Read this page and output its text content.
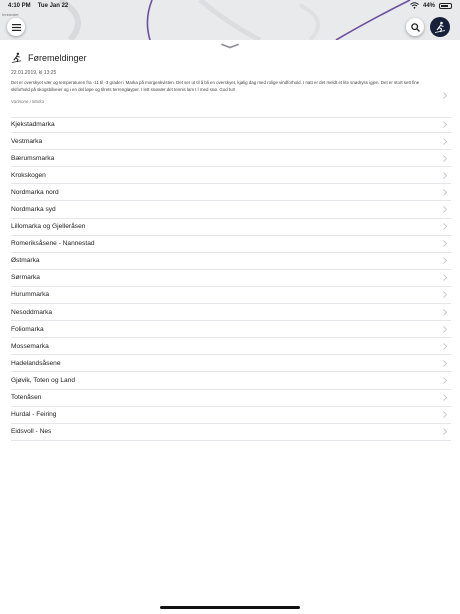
4:10 PM Tue Jan 22	44%
Innlandet
Føremeldinger
22.01.2019, kl 13:25
Det er overskyet vær og temperaturen fra -11 til -3 grader i Marka på morgenkvisten. Det ser ut til å bli en overskyet, kjølig dag med rolige vindforhold. I natt er det meldt et lite snødryss igjen. Det er stort sett fine skiforhold på skogsbilveier og i en del løpe og tilrets terrengløyper. I lett snøvær det tennis lam t l med snø. God tur!
Vannone i Marka
Kjekstadmarka
Vestmarka
Bærumsmarka
Krokskogen
Nordmarka nord
Nordmarka syd
Lillomarka og Gjelleråsen
Romeriksåsene - Nannestad
Østmarka
Sørmarka
Hurummarka
Nesoddmarka
Foliomarka
Mossemarka
Hadelandsåsene
Gjøvik, Toten og Land
Totenåsen
Hurdal - Feiring
Eidsvoll - Nes
